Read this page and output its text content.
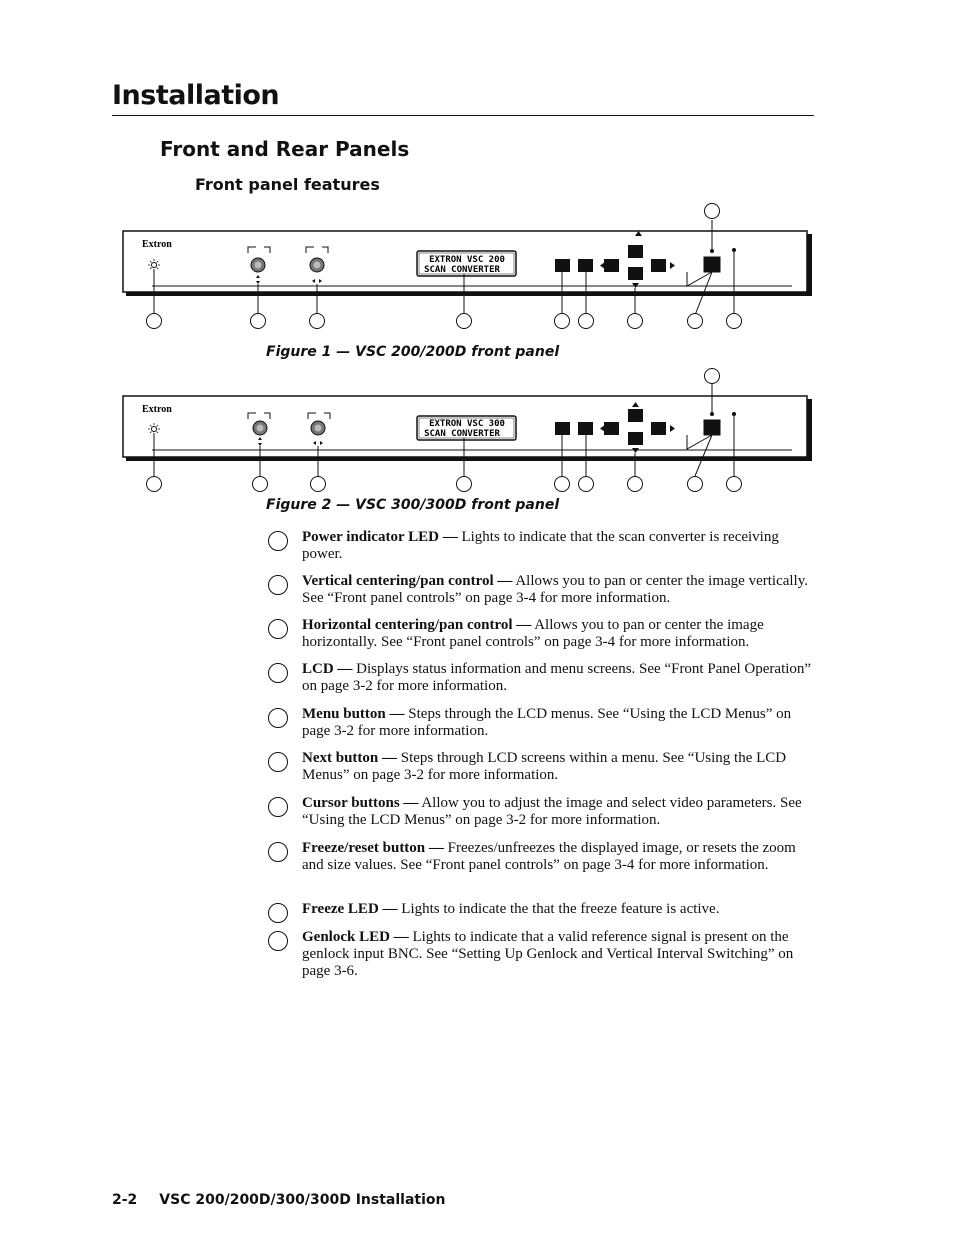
Installation
Front and Rear Panels
Front panel features
Extron
EXTRON VSC 200
SCAN CONVERTER
Figure 1 — VSC 200/200D front panel
Extron
EXTRON VSC 300
SCAN CONVERTER
Figure 2 — VSC 300/300D front panel
Power indicator LED — Lights to indicate that the scan converter is receiving power.
Vertical centering/pan control — Allows you to pan or center the image vertically. See “Front panel controls” on page 3-4 for more information.
Horizontal centering/pan control — Allows you to pan or center the image horizontally. See “Front panel controls” on page 3-4 for more information.
LCD — Displays status information and menu screens. See “Front Panel Operation” on page 3-2 for more information.
Menu button — Steps through the LCD menus. See “Using the LCD Menus” on page 3-2 for more information.
Next button — Steps through LCD screens within a menu. See “Using the LCD Menus” on page 3-2 for more information.
Cursor buttons — Allow you to adjust the image and select video parameters. See “Using the LCD Menus” on page 3-2 for more information.
Freeze/reset button — Freezes/unfreezes the displayed image, or resets the zoom and size values. See “Front panel controls” on page 3-4 for more information.
Freeze LED — Lights to indicate the that the freeze feature is active.
Genlock LED — Lights to indicate that a valid reference signal is present on the genlock input BNC. See “Setting Up Genlock and Vertical Interval Switching” on page 3-6.
2-2 VSC 200/200D/300/300D Installation
